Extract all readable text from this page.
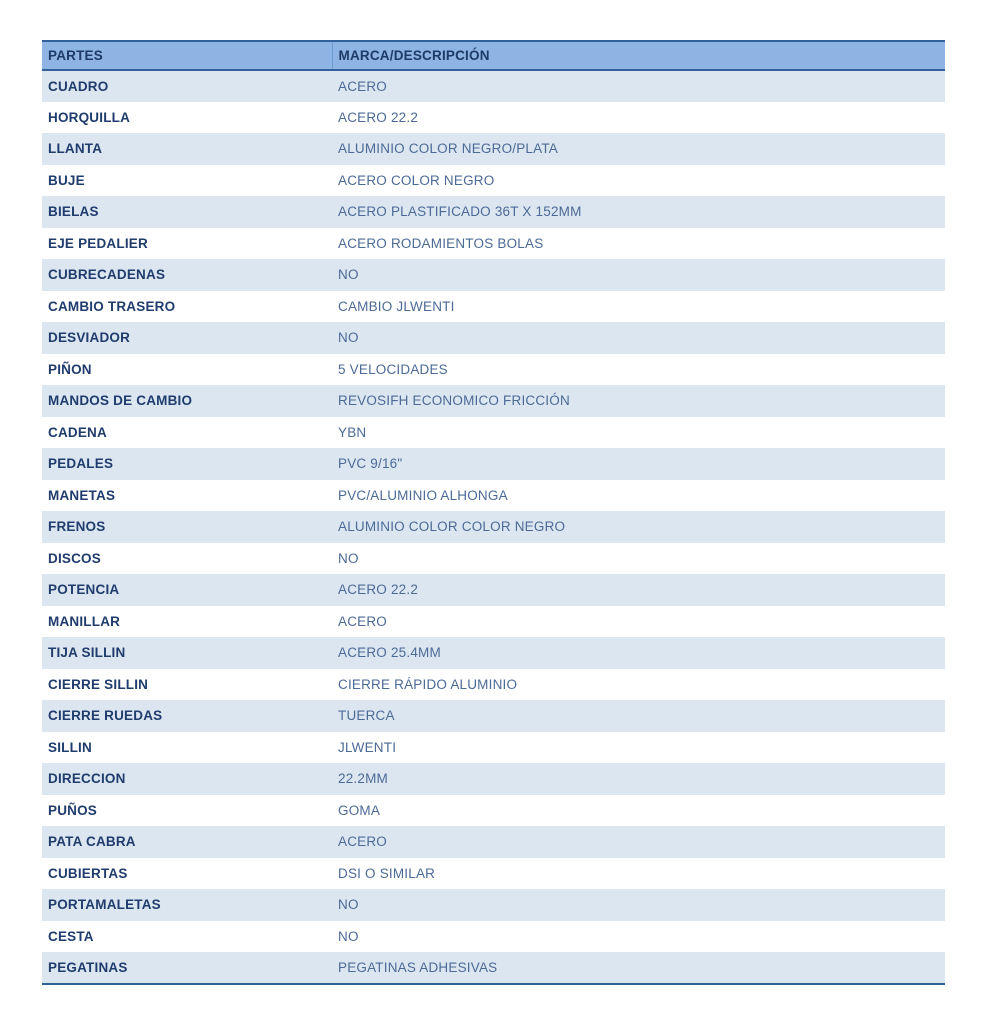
PARTES	MARCA/DESCRIPCIÓN
CUADRO	ACERO
HORQUILLA	ACERO 22.2
LLANTA	ALUMINIO COLOR NEGRO/PLATA
BUJE	ACERO COLOR NEGRO
BIELAS	ACERO PLASTIFICADO 36T X 152MM
EJE PEDALIER	ACERO RODAMIENTOS BOLAS
CUBRECADENAS	NO
CAMBIO TRASERO	CAMBIO JLWENTI
DESVIADOR	NO
PIÑON	5 VELOCIDADES
MANDOS DE CAMBIO	REVOSIFH ECONOMICO FRICCIÓN
CADENA	YBN
PEDALES	PVC 9/16"
MANETAS	PVC/ALUMINIO ALHONGA
FRENOS	ALUMINIO COLOR COLOR NEGRO
DISCOS	NO
POTENCIA	ACERO 22.2
MANILLAR	ACERO
TIJA SILLIN	ACERO 25.4MM
CIERRE SILLIN	CIERRE RÁPIDO ALUMINIO
CIERRE RUEDAS	TUERCA
SILLIN	JLWENTI
DIRECCION	22.2MM
PUÑOS	GOMA
PATA CABRA	ACERO
CUBIERTAS	DSI O SIMILAR
PORTAMALETAS	NO
CESTA	NO
PEGATINAS	PEGATINAS ADHESIVAS
